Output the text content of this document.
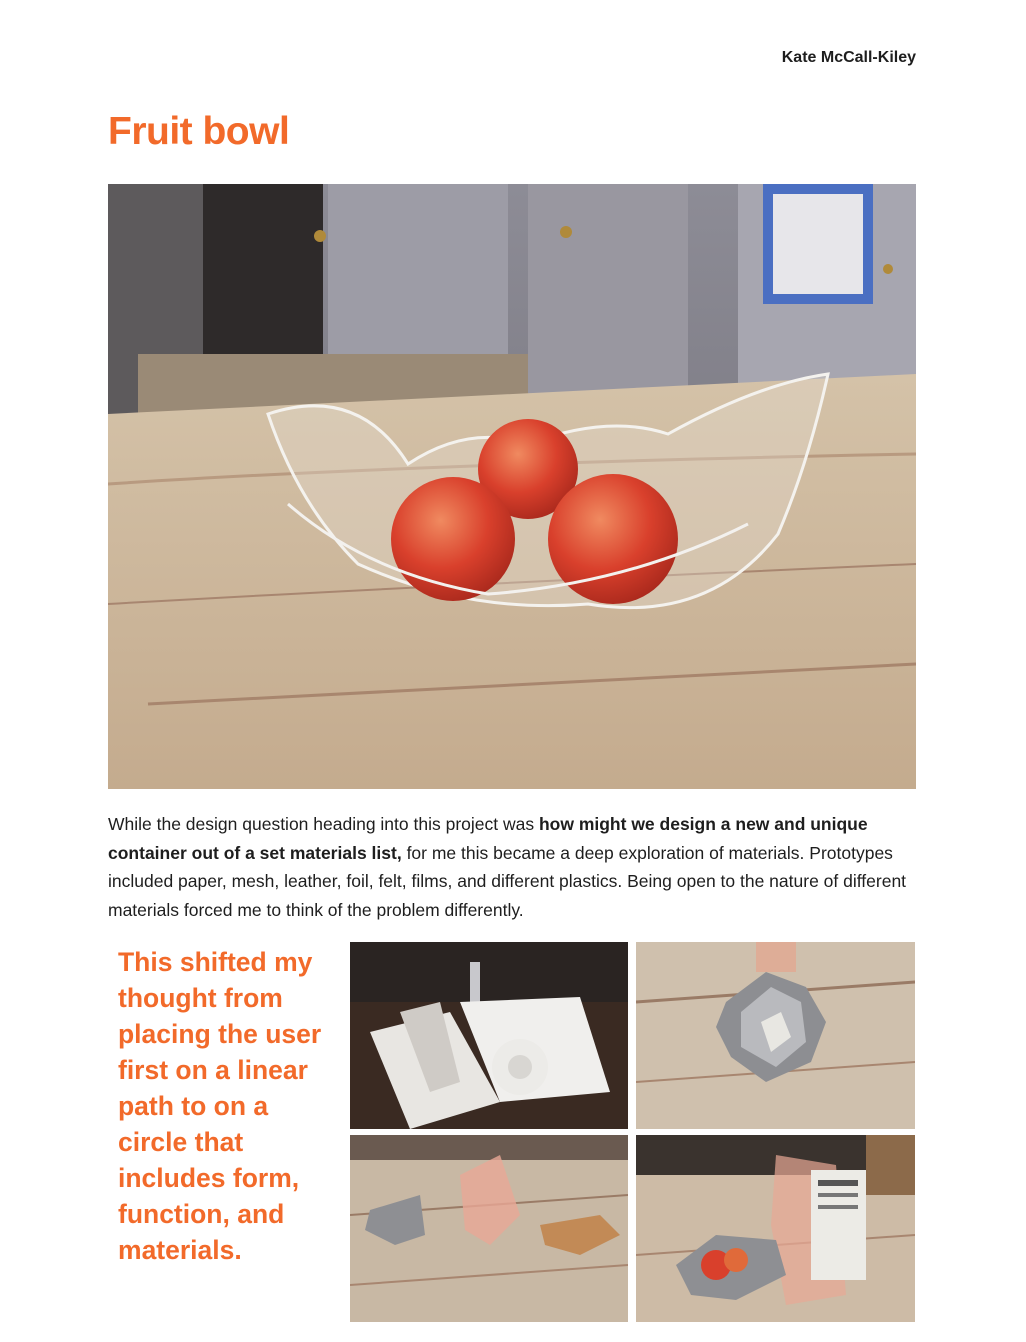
Kate McCall-Kiley
Fruit bowl

While the design question heading into this project was how might we design a new and unique container out of a set materials list, for me this became a deep exploration of materials. Prototypes included paper, mesh, leather, foil, felt, films, and different plastics. Being open to the nature of different materials forced me to think of the problem differently.

This shifted my thought from placing the user first on a linear path to on a circle that includes form, function, and materials.
